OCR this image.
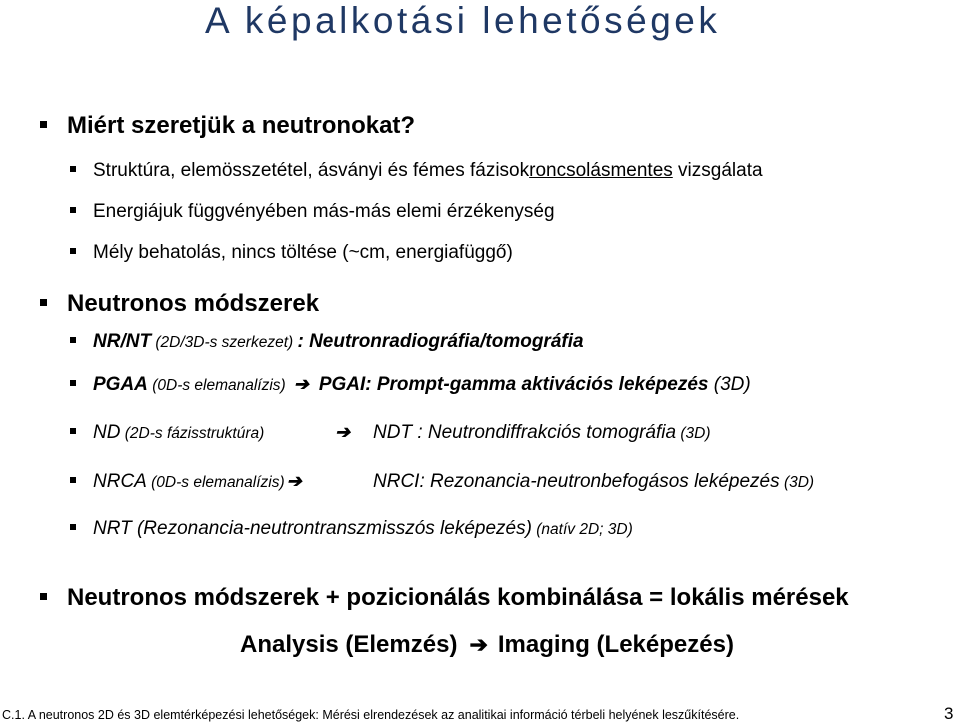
A képalkotási lehetőségek
Miért szeretjük a neutronokat?
Struktúra, elemösszetétel, ásványi és fémes fázisok roncsolásmentes vizsgálata
Energiájuk függvényében más-más elemi érzékenység
Mély behatolás, nincs töltése (~cm, energiafüggő)
Neutronos módszerek
NR/NT (2D/3D-s szerkezet) : Neutronradiográfia/tomográfia
PGAA (0D-s elemanalízis) ➔ PGAI: Prompt-gamma aktivációs leképezés (3D)
ND (2D-s fázisstruktúra)	➔ NDT : Neutrondiffrakciós tomográfia (3D)
NRCA (0D-s elemanalízis) ➔	NRCI: Rezonancia-neutronbefogásos leképezés (3D)
NRT (Rezonancia-neutrontranszmisszós leképezés) (natív 2D; 3D)
Neutronos módszerek + pozicionálás kombinálása = lokális mérések
Analysis (Elemzés) ➔ Imaging (Leképezés)
C.1. A neutronos 2D és 3D elemtérképezési lehetőségek: Mérési elrendezések az analitikai információ térbeli helyének leszűkítésére.	3
